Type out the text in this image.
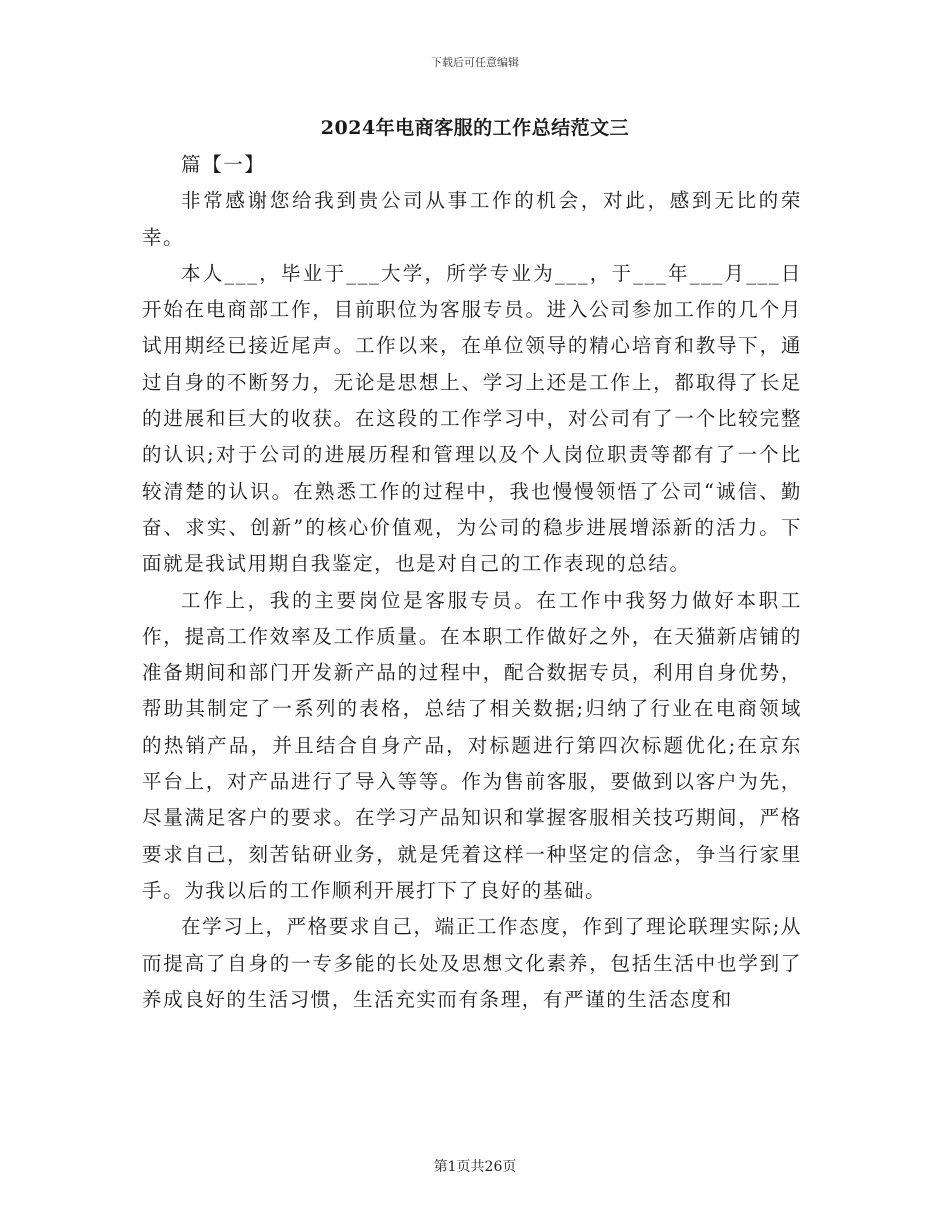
下载后可任意编辑
2024年电商客服的工作总结范文三

篇【一】

非常感谢您给我到贵公司从事工作的机会，对此，感到无比的荣幸。

本人___，毕业于___大学，所学专业为___，于___年___月___日开始在电商部工作，目前职位为客服专员。进入公司参加工作的几个月试用期经已接近尾声。工作以来，在单位领导的精心培育和教导下，通过自身的不断努力，无论是思想上、学习上还是工作上，都取得了长足的进展和巨大的收获。在这段的工作学习中，对公司有了一个比较完整的认识;对于公司的进展历程和管理以及个人岗位职责等都有了一个比较清楚的认识。在熟悉工作的过程中，我也慢慢领悟了公司“诚信、勤奋、求实、创新”的核心价值观，为公司的稳步进展增添新的活力。下面就是我试用期自我鉴定，也是对自己的工作表现的总结。

工作上，我的主要岗位是客服专员。在工作中我努力做好本职工作，提高工作效率及工作质量。在本职工作做好之外，在天猫新店铺的准备期间和部门开发新产品的过程中，配合数据专员，利用自身优势，帮助其制定了一系列的表格，总结了相关数据;归纳了行业在电商领域的热销产品，并且结合自身产品，对标题进行第四次标题优化;在京东平台上，对产品进行了导入等等。作为售前客服，要做到以客户为先，尽量满足客户的要求。在学习产品知识和掌握客服相关技巧期间，严格要求自己，刻苦钻研业务，就是凭着这样一种坚定的信念，争当行家里手。为我以后的工作顺利开展打下了良好的基础。

在学习上，严格要求自己，端正工作态度，作到了理论联理实际;从而提高了自身的一专多能的长处及思想文化素养，包括生活中也学到了养成良好的生活习惯，生活充实而有条理，有严谨的生活态度和

第1页共26页
